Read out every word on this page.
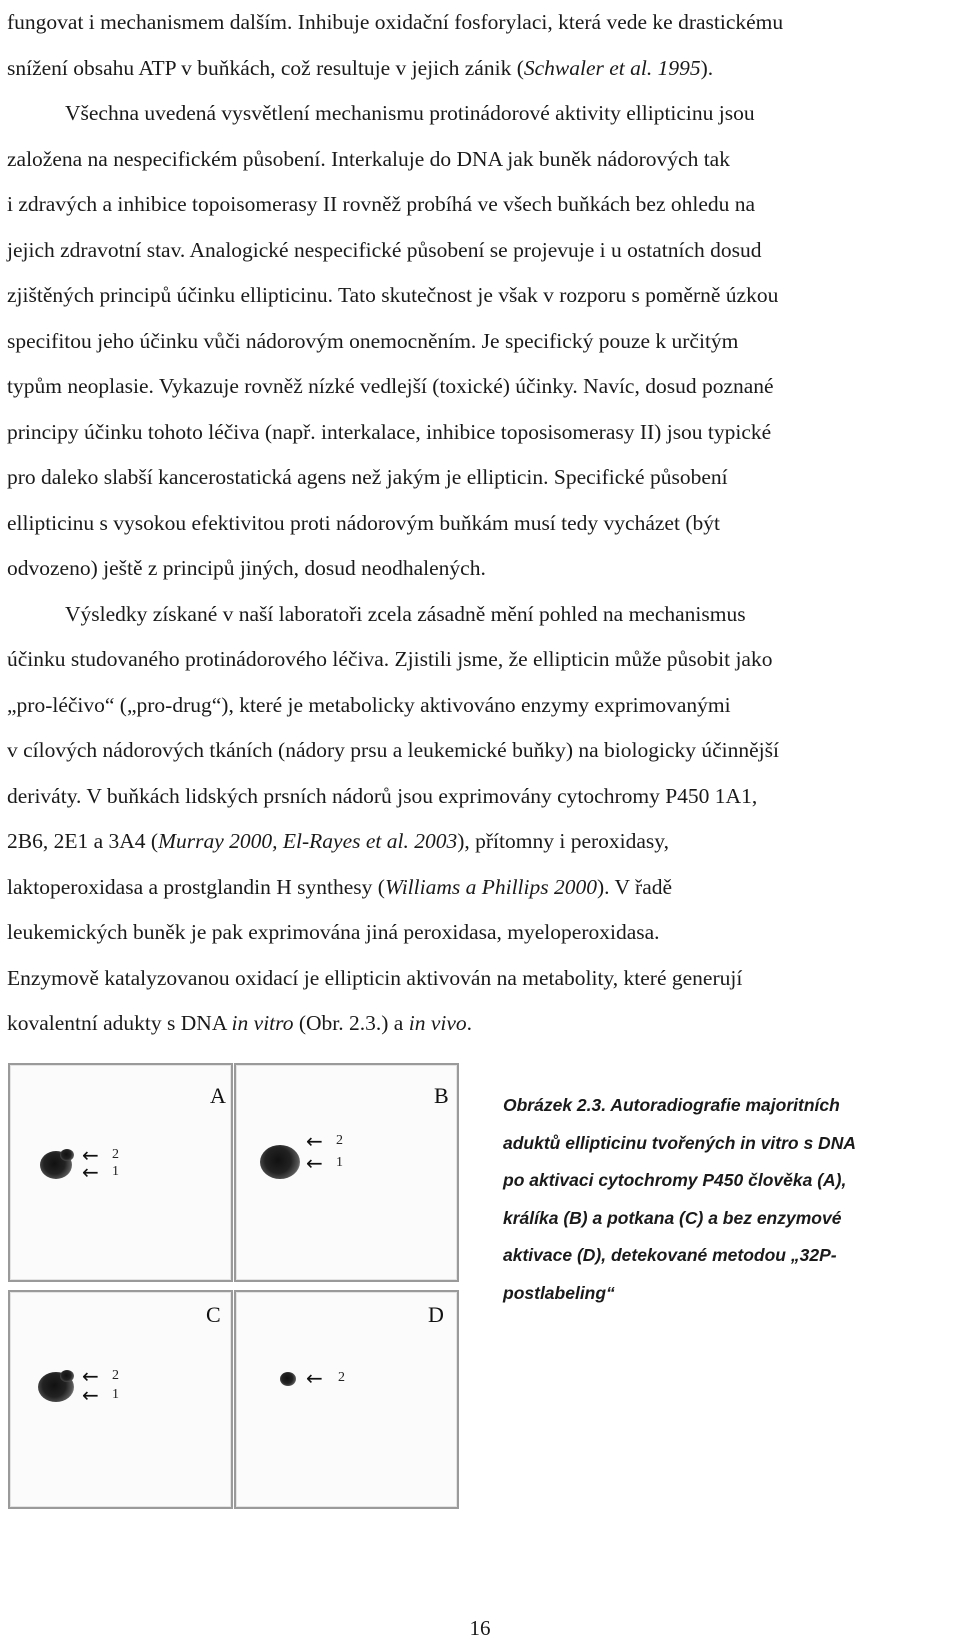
fungovat i mechanismem dalším. Inhibuje oxidační fosforylaci, která vede ke drastickému
snížení obsahu ATP v buňkách, což resultuje v jejich zánik (Schwaler et al. 1995).
Všechna uvedená vysvětlení mechanismu protinádorové aktivity ellipticinu jsou
založena na nespecifickém působení. Interkaluje do DNA jak buněk nádorových tak
i zdravých a inhibice topoisomerasy II rovněž probíhá ve všech buňkách bez ohledu na
jejich zdravotní stav. Analogické nespecifické působení se projevuje i u ostatních dosud
zjištěných principů účinku ellipticinu. Tato skutečnost je však v rozporu s poměrně úzkou
specifitou jeho účinku vůči nádorovým onemocněním. Je specifický pouze k určitým
typům neoplasie. Vykazuje rovněž nízké vedlejší (toxické) účinky. Navíc, dosud poznané
principy účinku tohoto léčiva (např. interkalace, inhibice toposisomerasy II) jsou typické
pro daleko slabší kancerostatická agens než jakým je ellipticin. Specifické působení
ellipticinu s vysokou efektivitou proti nádorovým buňkám musí tedy vycházet (být
odvozeno) ještě z principů jiných, dosud neodhalených.
Výsledky získané v naší laboratoři zcela zásadně mění pohled na mechanismus
účinku studovaného protinádorového léčiva. Zjistili jsme, že ellipticin může působit jako
„pro-léčivo“ („pro-drug“), které je metabolicky aktivováno enzymy exprimovanými
v cílových nádorových tkáních (nádory prsu a leukemické buňky) na biologicky účinnější
deriváty. V buňkách lidských prsních nádorů jsou exprimovány cytochromy P450 1A1,
2B6, 2E1 a 3A4 (Murray 2000, El-Rayes et al. 2003), přítomny i peroxidasy,
laktoperoxidasa a prostglandin H synthesy (Williams a Phillips 2000). V řadě
leukemických buněk je pak exprimována jiná peroxidasa, myeloperoxidasa.
Enzymově katalyzovanou oxidací je ellipticin aktivován na metabolity, které generují
kovalentní adukty s DNA in vitro (Obr. 2.3.) a in vivo.
A
← 2
← 1
B
← 2
← 1
C
← 2
← 1
D
← 2
Obrázek 2.3. Autoradiografie majoritních
aduktů ellipticinu tvořených in vitro s DNA
po aktivaci cytochromy P450 člověka (A),
králíka (B) a potkana (C) a bez enzymové
aktivace (D), detekované metodou „32P-
postlabeling“
16
